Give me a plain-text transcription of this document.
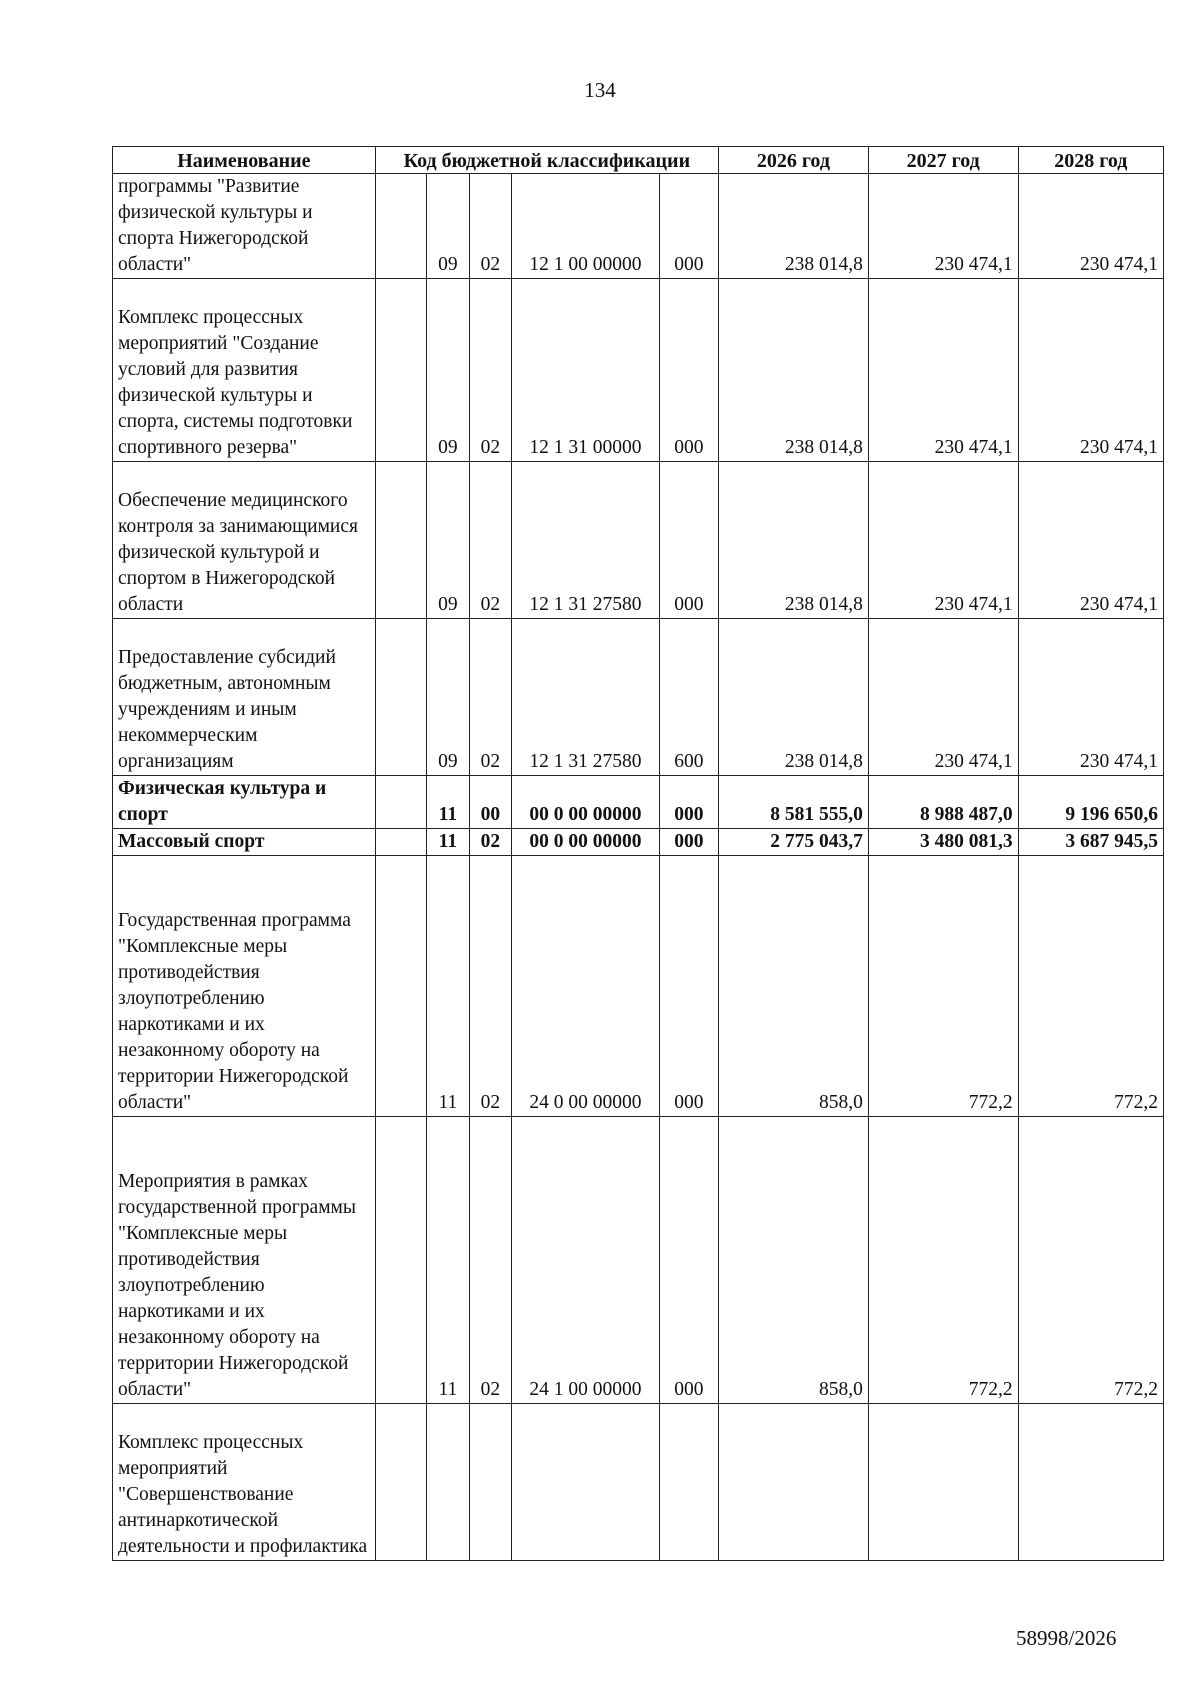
134
Наименование	Код бюджетной классификации					2026 год	2027 год	2028 год
программы "Развитие физической культуры и спорта Нижегородской области"		09	02	12 1 00 00000	000	238 014,8	230 474,1	230 474,1
Комплекс процессных мероприятий "Создание условий для развития физической культуры и спорта, системы подготовки спортивного резерва"		09	02	12 1 31 00000	000	238 014,8	230 474,1	230 474,1
Обеспечение медицинского контроля за занимающимися физической культурой и спортом в Нижегородской области		09	02	12 1 31 27580	000	238 014,8	230 474,1	230 474,1
Предоставление субсидий бюджетным, автономным учреждениям и иным некоммерческим организациям		09	02	12 1 31 27580	600	238 014,8	230 474,1	230 474,1
Физическая культура и спорт		11	00	00 0 00 00000	000	8 581 555,0	8 988 487,0	9 196 650,6
Массовый спорт		11	02	00 0 00 00000	000	2 775 043,7	3 480 081,3	3 687 945,5
Государственная программа "Комплексные меры противодействия злоупотреблению наркотиками и их незаконному обороту на территории Нижегородской области"		11	02	24 0 00 00000	000	858,0	772,2	772,2
Мероприятия в рамках государственной программы "Комплексные меры противодействия злоупотреблению наркотиками и их незаконному обороту на территории Нижегородской области"		11	02	24 1 00 00000	000	858,0	772,2	772,2
Комплекс процессных мероприятий "Совершенствование антинаркотической деятельности и профилактика								
58998/2026
